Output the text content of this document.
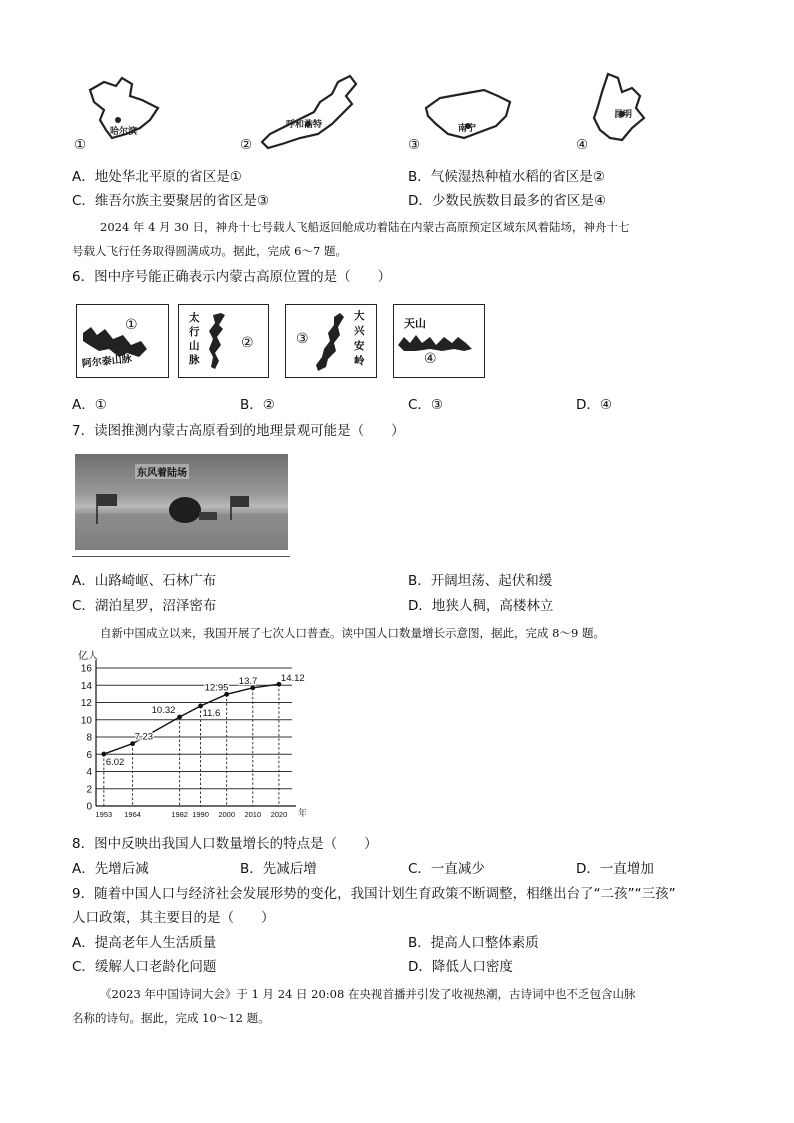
哈尔滨
呼和浩特	南宁
昆明
①	②	③	④
A．地处华北平原的省区是①	B．气候湿热种植水稻的省区是②
C．维吾尔族主要聚居的省区是③	D．少数民族数目最多的省区是④
2024 年 4 月 30 日，神舟十七号载人飞船返回舱成功着陆在内蒙古高原预定区域东风着陆场，神舟十七
号载人飞行任务取得圆满成功。据此，完成 6～7 题。
6．图中序号能正确表示内蒙古高原位置的是（　　）
①
阿尔泰山脉
太行山脉
②	③
大兴安岭
天山
④
A．①	B．②	C．③	D．④
7．读图推测内蒙古高原看到的地理景观可能是（　　）
东风着陆场
A．山路崎岖、石林广布	B．开阔坦荡、起伏和缓
C．湖泊星罗，沼泽密布	D．地狭人稠，高楼林立
自新中国成立以来，我国开展了七次人口普查。读中国人口数量增长示意图，据此，完成 8～9 题。
0
2
4
6
8
10
12
14
16
亿人
年
1953 1964	1982 1990 2000 2010 2020
6.02
7.23
10.32	11.6
12.95
13.7 14.12
8．图中反映出我国人口数量增长的特点是（　　）
A．先增后减	B．先减后增	C．一直减少	D．一直增加
9．随着中国人口与经济社会发展形势的变化，我国计划生育政策不断调整，相继出台了“二孩”“三孩”
人口政策，其主要目的是（　　）
A．提高老年人生活质量	B．提高人口整体素质
C．缓解人口老龄化问题	D．降低人口密度
《2023 年中国诗词大会》于 1 月 24 日 20:08 在央视首播并引发了收视热潮，古诗词中也不乏包含山脉
名称的诗句。据此，完成 10～12 题。
